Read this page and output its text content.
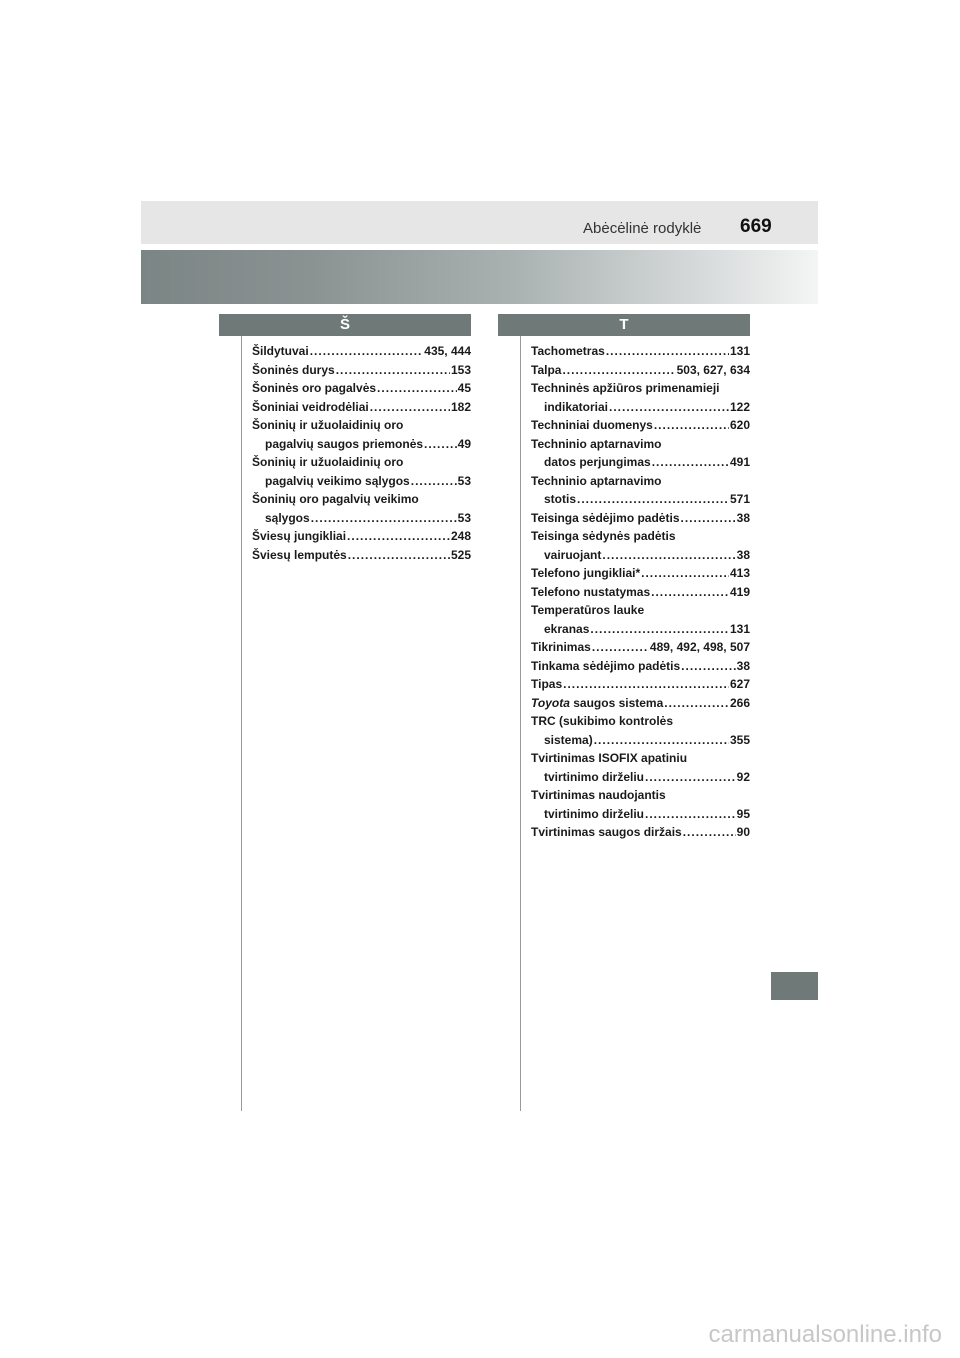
Abėcėlinė rodyklė 669
Š
Šildytuvai .....	435, 444
Šoninės durys .....	153
Šoninės oro pagalvės .....	45
Šoniniai veidrodėliai .....	182
Šoninių ir užuolaidinių oro
pagalvių saugos priemonės .....	49
Šoninių ir užuolaidinių oro
pagalvių veikimo sąlygos .....	53
Šoninių oro pagalvių veikimo
sąlygos .....	53
Šviesų jungikliai .....	248
Šviesų lemputės .....	525
T
Tachometras .....	131
Talpa .....	503, 627, 634
Techninės apžiūros primenamieji
indikatoriai .....	122
Techniniai duomenys .....	620
Techninio aptarnavimo
datos perjungimas .....	491
Techninio aptarnavimo
stotis .....	571
Teisinga sėdėjimo padėtis .....	38
Teisinga sėdynės padėtis
vairuojant .....	38
Telefono jungikliai* .....	413
Telefono nustatymas .....	419
Temperatūros lauke
ekranas .....	131
Tikrinimas .....	489, 492, 498, 507
Tinkama sėdėjimo padėtis .....	38
Tipas .....	627
Toyota saugos sistema .....	266
TRC (sukibimo kontrolės
sistema) .....	355
Tvirtinimas ISOFIX apatiniu
tvirtinimo dirželiu .....	92
Tvirtinimas naudojantis
tvirtinimo dirželiu .....	95
Tvirtinimas saugos diržais .....	90
carmanualsonline.info
